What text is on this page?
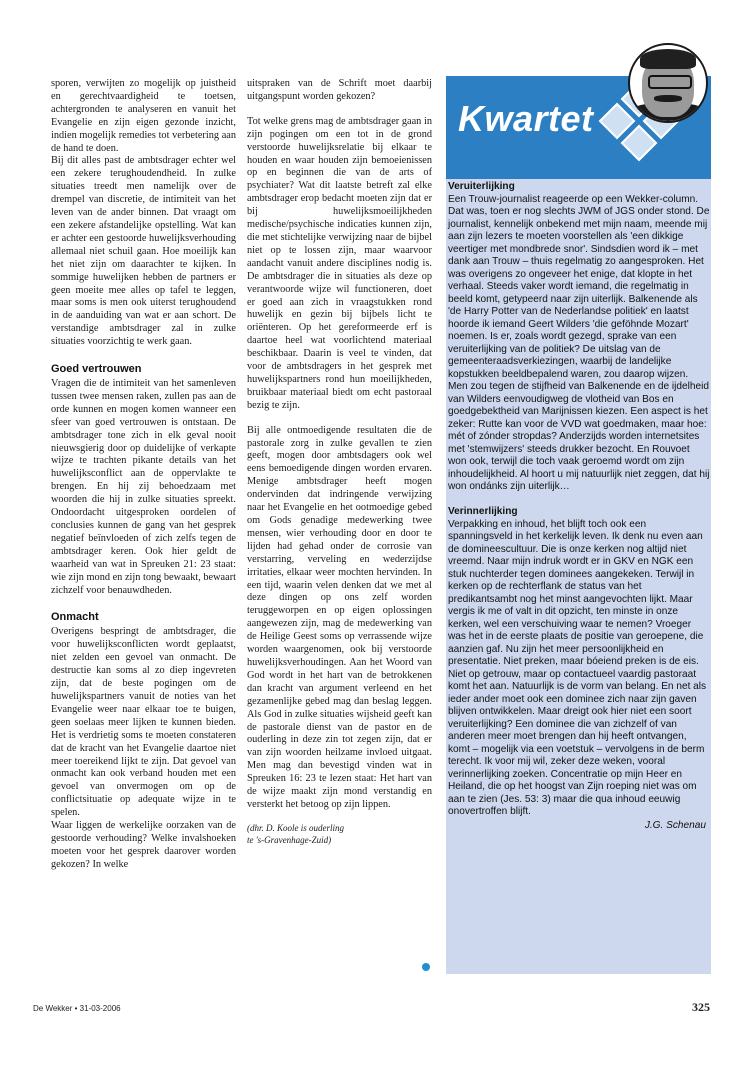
sporen, verwijten zo mogelijk op juistheid en gerechtvaardigheid te toetsen, achtergronden te analyseren en vanuit het Evangelie en zijn eigen gezonde inzicht, indien mogelijk remedies tot verbetering aan de hand te doen.

Bij dit alles past de ambtsdrager echter wel een zekere terughoudendheid. In zulke situaties treedt men namelijk over de drempel van discretie, de intimiteit van het leven van de ander binnen. Dat vraagt om een zekere afstandelijke opstelling. Wat kan er achter een gestoorde huwelijksverhouding allemaal niet schuil gaan. Hoe moeilijk kan het niet zijn om daarachter te kijken. In sommige huwelijken hebben de partners er geen moeite mee alles op tafel te leggen, maar soms is men ook uiterst terughoudend in de aanduiding van wat er aan schort. De verstandige ambtsdrager zal in zulke situaties voorzichtig te werk gaan.

Goed vertrouwen

Vragen die de intimiteit van het samenleven tussen twee mensen raken, zullen pas aan de orde kunnen en mogen komen wanneer een sfeer van goed vertrouwen is ontstaan. De ambtsdrager tone zich in elk geval nooit nieuwsgierig door op duidelijke of verkapte wijze te trachten pikante details van het huwelijksconflict aan de oppervlakte te brengen. En hij zij behoedzaam met woorden die hij in zulke situaties spreekt. Ondoordacht uitgesproken oordelen of conclusies kunnen de gang van het gesprek negatief beïnvloeden of zich zelfs tegen de ambtsdrager keren. Ook hier geldt de waarheid van wat in Spreuken 21: 23 staat: wie zijn mond en zijn tong bewaakt, bewaart zichzelf voor benauwdheden.

Onmacht

Overigens bespringt de ambtsdrager, die voor huwelijksconflicten wordt geplaatst, niet zelden een gevoel van onmacht. De destructie kan soms al zo diep ingevreten zijn, dat de beste pogingen om de huwelijkspartners vanuit de noties van het Evangelie weer naar elkaar toe te buigen, geen soelaas meer lijken te kunnen bieden. Het is verdrietig soms te moeten constateren dat de kracht van het Evangelie daartoe niet meer toereikend lijkt te zijn. Dat gevoel van onmacht kan ook verband houden met een gevoel van onvermogen om op de conflictsituatie op adequate wijze in te spelen.

Waar liggen de werkelijke oorzaken van de gestoorde verhouding? Welke invalshoeken moeten voor het gesprek daarover worden gekozen? In welke

uitspraken van de Schrift moet daarbij uitgangspunt worden gekozen?

Tot welke grens mag de ambtsdrager gaan in zijn pogingen om een tot in de grond verstoorde huwelijksrelatie bij elkaar te houden en waar houden zijn bemoeienissen op en beginnen die van de arts of psychiater? Wat dit laatste betreft zal elke ambtsdrager erop bedacht moeten zijn dat er bij huwelijksmoeilijkheden medische/psychische indicaties kunnen zijn, die met stichtelijke verwijzing naar de bijbel niet op te lossen zijn, maar waarvoor aandacht vanuit andere disciplines nodig is. De ambtsdrager die in situaties als deze op verantwoorde wijze wil functioneren, doet er goed aan zich in vraagstukken rond huwelijk en gezin bij bijbels licht te oriënteren. Op het gereformeerde erf is daartoe heel wat voorlichtend materiaal beschikbaar. Daarin is veel te vinden, dat voor de ambtsdragers in het gesprek met huwelijkspartners rond hun moeilijkheden, bruikbaar materiaal biedt om echt pastoraal bezig te zijn.

Bij alle ontmoedigende resultaten die de pastorale zorg in zulke gevallen te zien geeft, mogen door ambtsdagers ook wel eens bemoedigende dingen worden ervaren. Menige ambtsdrager heeft mogen ondervinden dat indringende verwijzing naar het Evangelie en het ootmoedige gebed om Gods genadige medewerking twee mensen, wier verhouding door en door te lijden had gehad onder de corrosie van verstarring, verveling en wederzijdse irritaties, elkaar weer mochten hervinden. In een tijd, waarin velen denken dat we met al deze dingen op ons zelf worden teruggeworpen en op eigen oplossingen aangewezen zijn, mag de medewerking van de Heilige Geest soms op verrassende wijze worden waargenomen, ook bij verstoorde huwelijksverhoudingen. Aan het Woord van God wordt in het hart van de betrokkenen dan kracht van argument verleend en het gezamenlijke gebed mag dan beslag leggen. Als God in zulke situaties wijsheid geeft kan de pastorale dienst van de pastor en de ouderling in deze zin tot zegen zijn, dat er van zijn woorden heilzame invloed uitgaat. Men mag dan bevestigd vinden wat in Spreuken 16: 23 te lezen staat: Het hart van de wijze maakt zijn mond verstandig en versterkt het betoog op zijn lippen.

(dhr. D. Koole is ouderling
te 's-Gravenhage-Zuid)
Kwartet
Veruiterlijking

Een Trouw-journalist reageerde op een Wekker-column. Dat was, toen er nog slechts JWM of JGS onder stond. De journalist, kennelijk onbekend met mijn naam, meende mij aan zijn lezers te moeten voorstellen als 'een dikkige veertiger met mondbrede snor'. Sindsdien word ik – met dank aan Trouw – thuis regelmatig zo aangesproken. Het was overigens zo ongeveer het enige, dat klopte in het verhaal. Steeds vaker wordt iemand, die regelmatig in beeld komt, getypeerd naar zijn uiterlijk. Balkenende als 'de Harry Potter van de Nederlandse politiek' en laatst hoorde ik iemand Geert Wilders 'die geföhnde Mozart' noemen. Is er, zoals wordt gezegd, sprake van een veruiterlijking van de politiek? De uitslag van de gemeenteraadsverkiezingen, waarbij de landelijke kopstukken beeldbepalend waren, zou daarop wijzen. Men zou tegen de stijfheid van Balkenende en de ijdelheid van Wilders eenvoudigweg de vlotheid van Bos en goedgebektheid van Marijnissen kiezen. Een aspect is het zeker: Rutte kan voor de VVD wat goedmaken, maar hoe: mét of zónder stropdas? Anderzijds worden internetsites met 'stemwijzers' steeds drukker bezocht. En Rouvoet won ook, terwijl die toch vaak geroemd wordt om zijn inhoudelijkheid. Al hoort u mij natuurlijk niet zeggen, dat hij won ondánks zijn uiterlijk…

Verinnerlijking

Verpakking en inhoud, het blijft toch ook een spanningsveld in het kerkelijk leven. Ik denk nu even aan de domineescultuur. Die is onze kerken nog altijd niet vreemd. Naar mijn indruk wordt er in GKV en NGK een stuk nuchterder tegen dominees aangekeken. Terwijl in kerken op de rechterflank de status van het predikantsambt nog het minst aangevochten lijkt. Maar vergis ik me of valt in dit opzicht, ten minste in onze kerken, wel een verschuiving waar te nemen? Vroeger was het in de eerste plaats de positie van geroepene, die aanzien gaf. Nu zijn het meer persoonlijkheid en presentatie. Niet preken, maar bóeiend preken is de eis. Niet op getrouw, maar op contactueel vaardig pastoraat komt het aan. Natuurlijk is de vorm van belang. En net als ieder ander moet ook een dominee zich naar zijn gaven blijven ontwikkelen. Maar dreigt ook hier niet een soort veruiterlijking? Een dominee die van zichzelf of van anderen meer moet brengen dan hij heeft ontvangen, komt – mogelijk via een voetstuk – vervolgens in de berm terecht. Ik voor mij wil, zeker deze weken, vooral verinnerlijking zoeken. Concentratie op mijn Heer en Heiland, die op het hoogst van Zijn roeping niet was om aan te zien (Jes. 53: 3) maar die qua inhoud eeuwig onovertroffen blijft.

J.G. Schenau
De Wekker • 31-03-2006	325
